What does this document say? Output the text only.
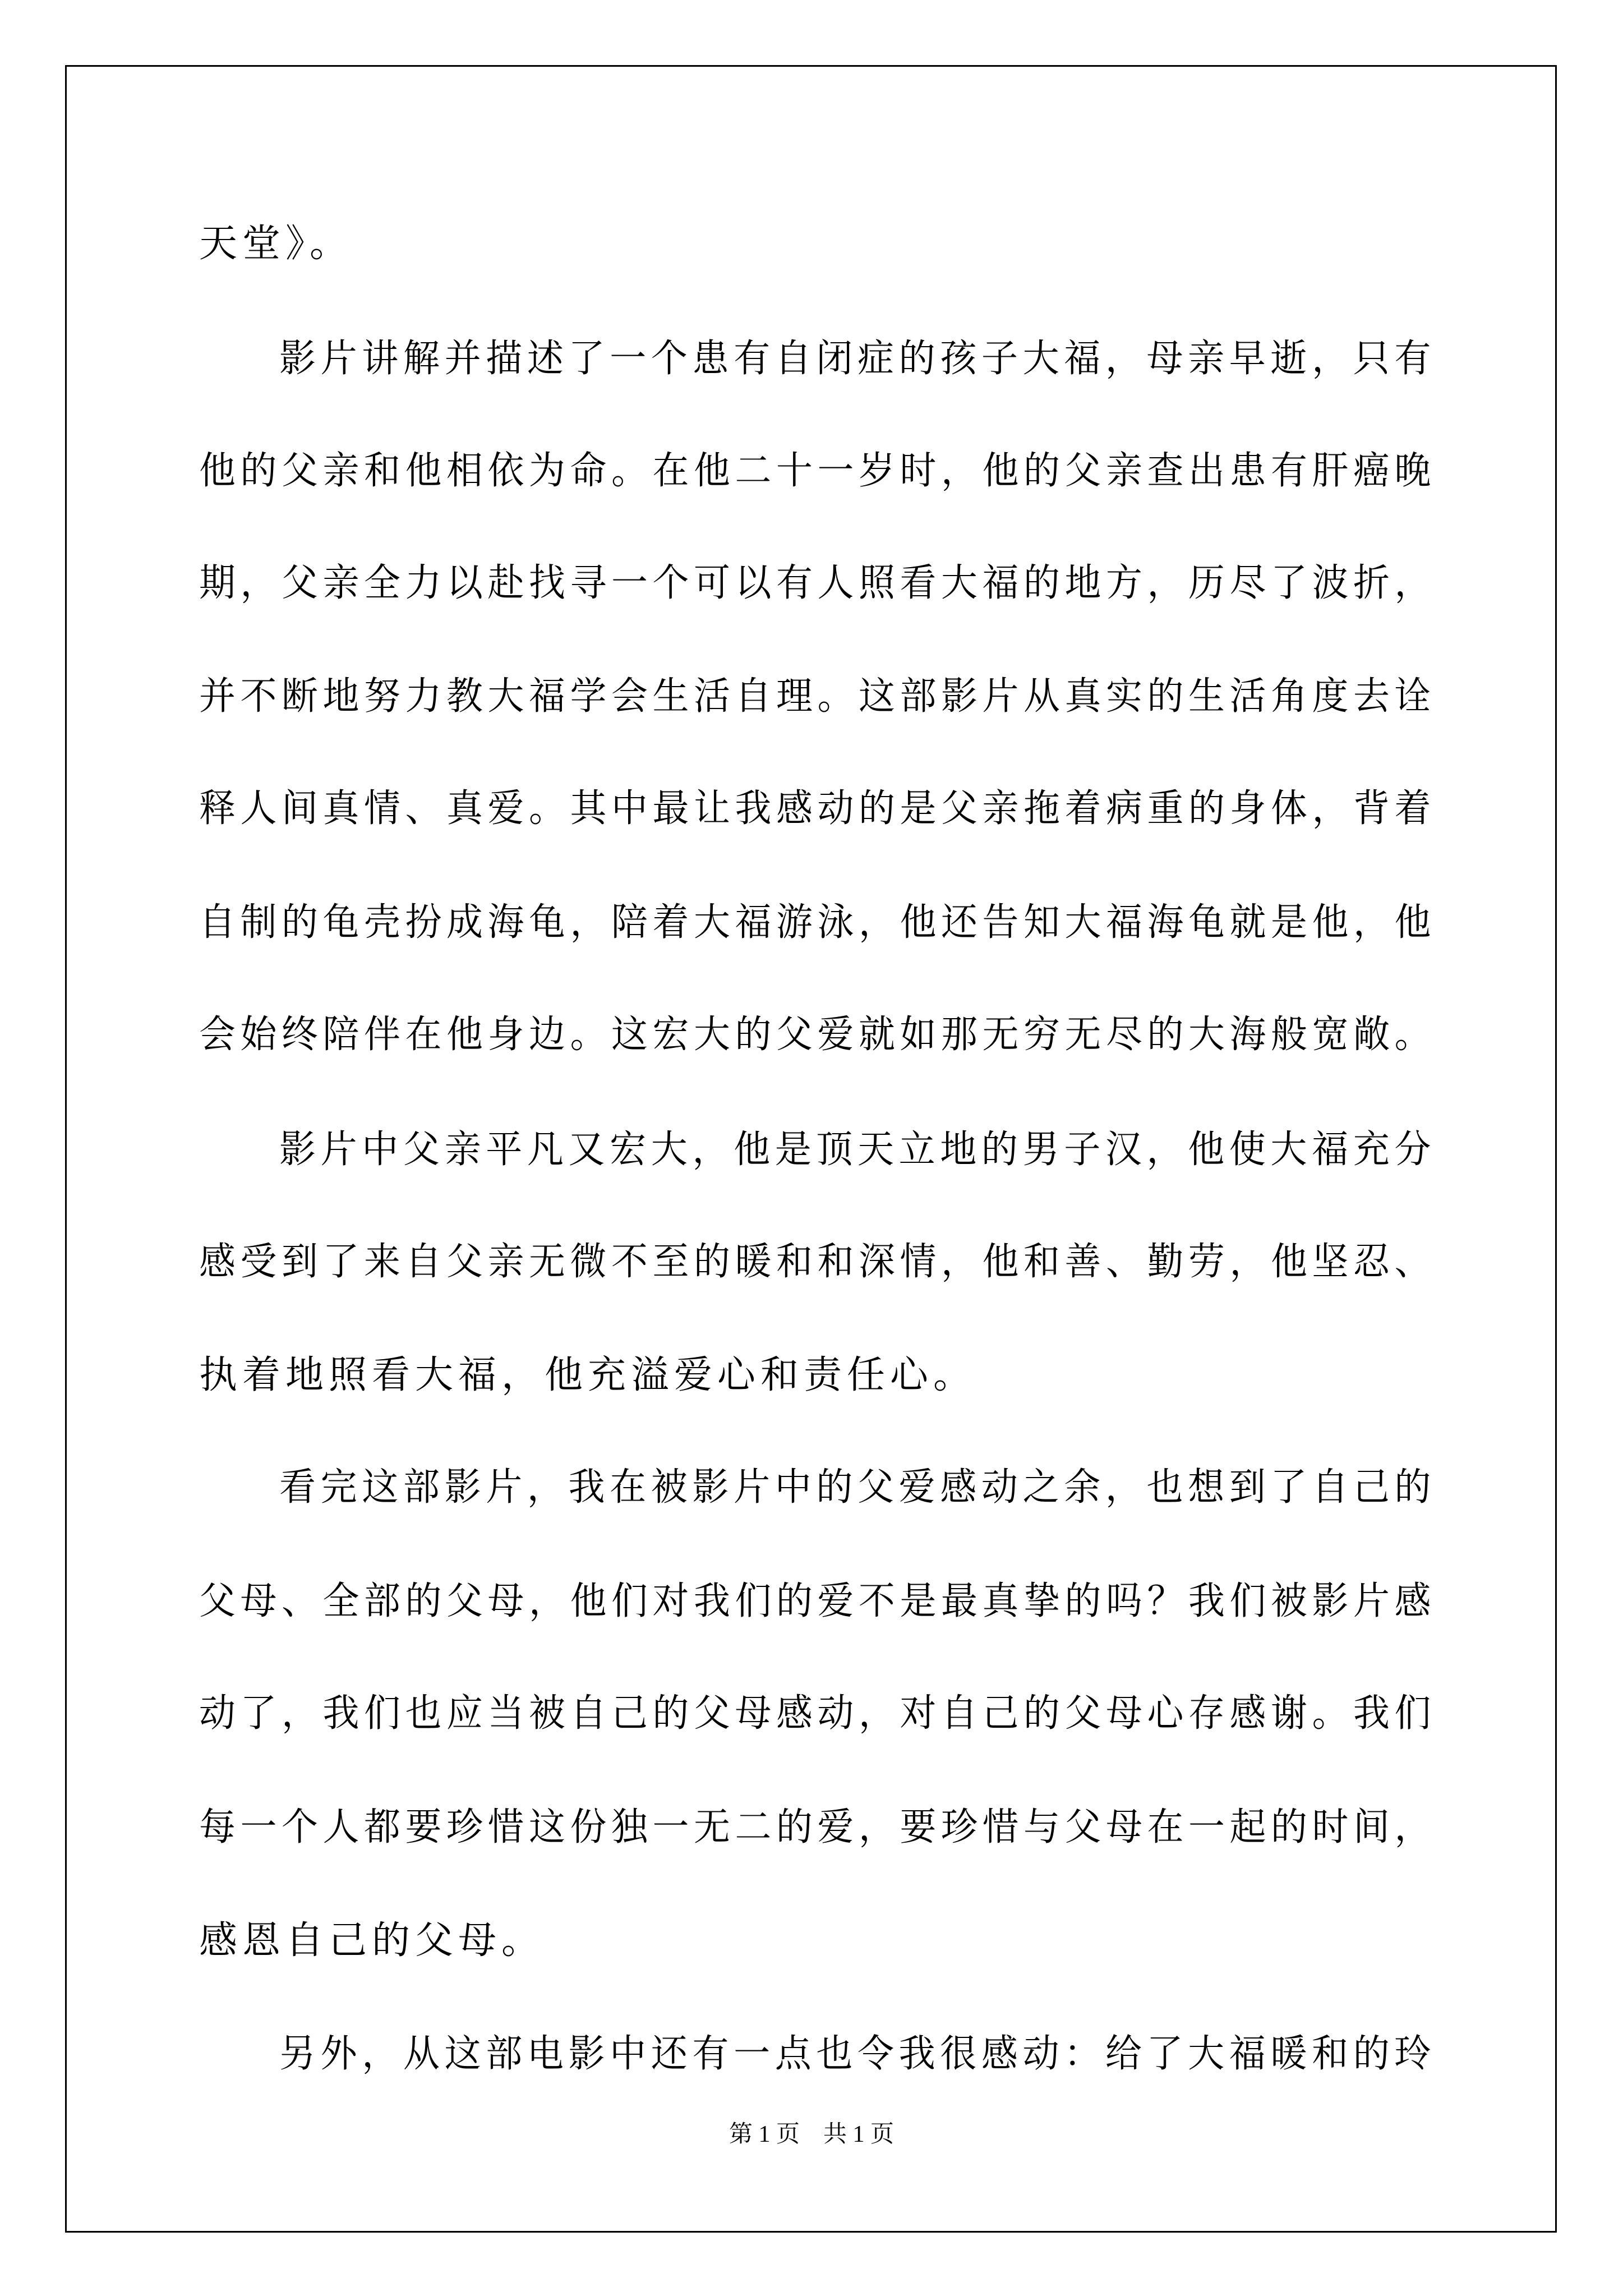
天堂》。
影片讲解并描述了一个患有自闭症的孩子大福，母亲早逝，只有
他的父亲和他相依为命。在他二十一岁时，他的父亲查出患有肝癌晚
期，父亲全力以赴找寻一个可以有人照看大福的地方，历尽了波折，
并不断地努力教大福学会生活自理。这部影片从真实的生活角度去诠
释人间真情、真爱。其中最让我感动的是父亲拖着病重的身体，背着
自制的龟壳扮成海龟，陪着大福游泳，他还告知大福海龟就是他，他
会始终陪伴在他身边。这宏大的父爱就如那无穷无尽的大海般宽敞。
影片中父亲平凡又宏大，他是顶天立地的男子汉，他使大福充分
感受到了来自父亲无微不至的暖和和深情，他和善、勤劳，他坚忍、
执着地照看大福，他充溢爱心和责任心。
看完这部影片，我在被影片中的父爱感动之余，也想到了自己的
父母、全部的父母，他们对我们的爱不是最真挚的吗？我们被影片感
动了，我们也应当被自己的父母感动，对自己的父母心存感谢。我们
每一个人都要珍惜这份独一无二的爱，要珍惜与父母在一起的时间，
感恩自己的父母。
另外，从这部电影中还有一点也令我很感动：给了大福暖和的玲
第 1 页    共 1 页
